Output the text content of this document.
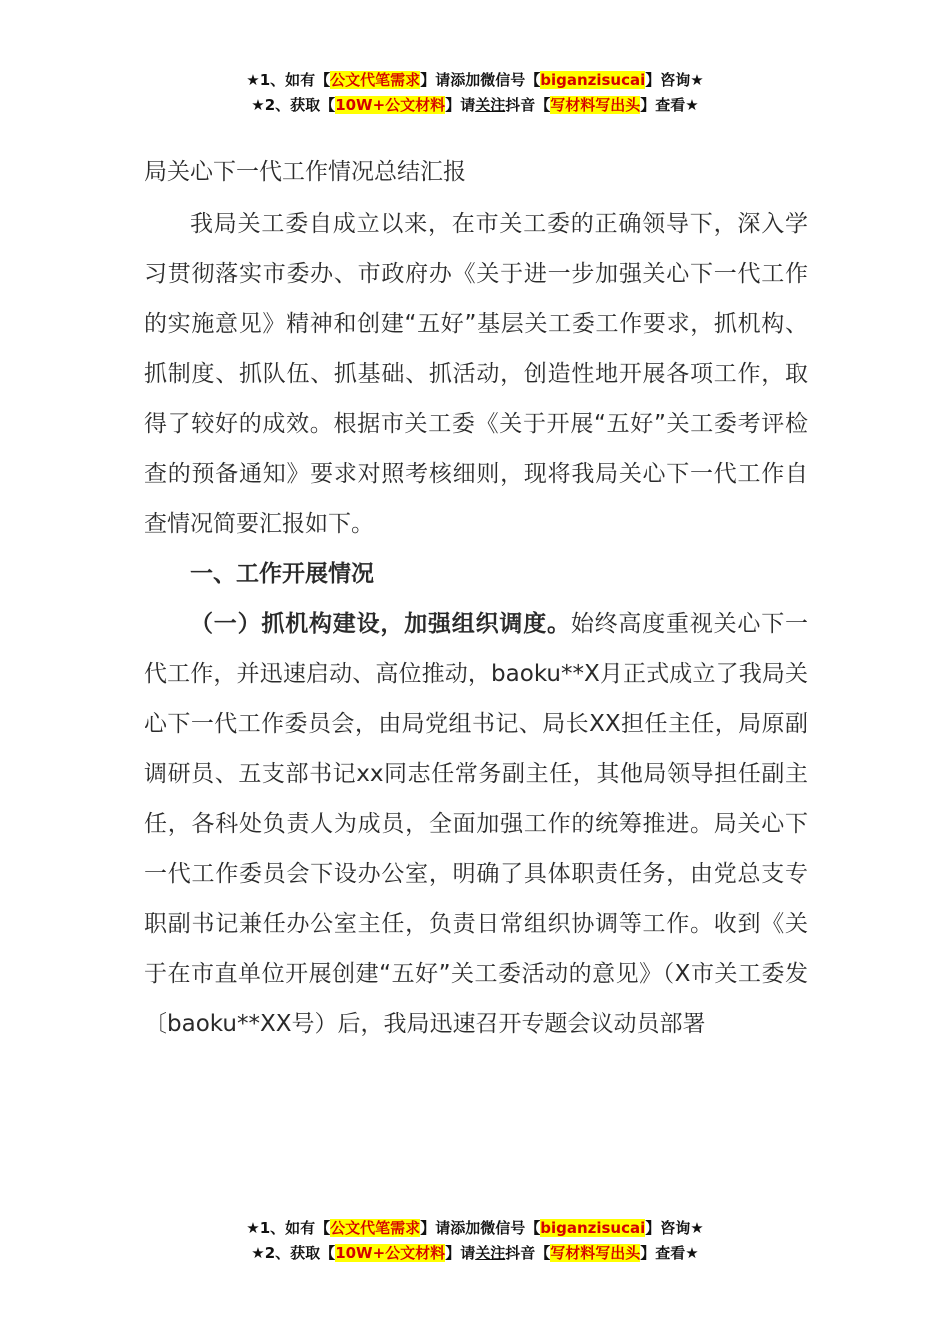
★1、如有【公文代笔需求】请添加微信号【biganzisucai】咨询★
★2、获取【10W+公文材料】请关注抖音【写材料写出头】查看★

局关心下一代工作情况总结汇报

我局关工委自成立以来，在市关工委的正确领导下，深入学习贯彻落实市委办、市政府办《关于进一步加强关心下一代工作的实施意见》精神和创建“五好”基层关工委工作要求，抓机构、抓制度、抓队伍、抓基础、抓活动，创造性地开展各项工作，取得了较好的成效。根据市关工委《关于开展“五好”关工委考评检查的预备通知》要求对照考核细则，现将我局关心下一代工作自查情况简要汇报如下。

一、工作开展情况

（一）抓机构建设，加强组织调度。始终高度重视关心下一代工作，并迅速启动、高位推动，baoku**X月正式成立了我局关心下一代工作委员会，由局党组书记、局长XX担任主任，局原副调研员、五支部书记xx同志任常务副主任，其他局领导担任副主任，各科处负责人为成员，全面加强工作的统筹推进。局关心下一代工作委员会下设办公室，明确了具体职责任务，由党总支专职副书记兼任办公室主任，负责日常组织协调等工作。收到《关于在市直单位开展创建“五好”关工委活动的意见》（X市关工委发〔baoku**XX号）后，我局迅速召开专题会议动员部署

★1、如有【公文代笔需求】请添加微信号【biganzisucai】咨询★
★2、获取【10W+公文材料】请关注抖音【写材料写出头】查看★
